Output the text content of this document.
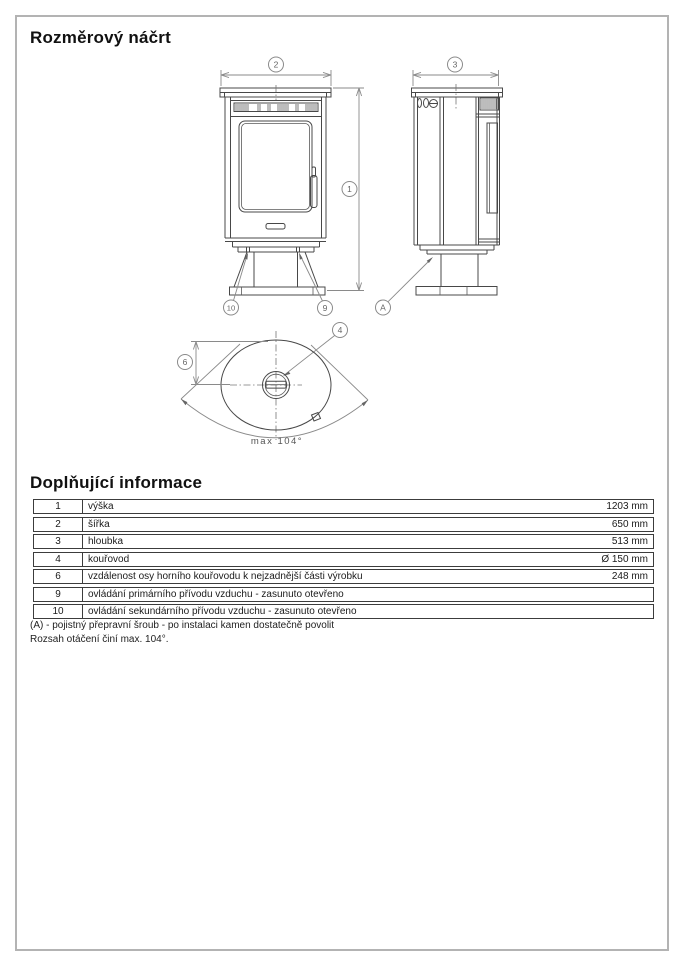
Rozměrový náčrt
2
1
10	9
3
A
4
6
max 104°
Doplňující informace
1	výška	1203 mm
2	šířka	650 mm
3	hloubka	513 mm
4	kouřovod	Ø 150 mm
6	vzdálenost osy horního kouřovodu k nejzadnější části výrobku	248 mm
9	ovládání primárního přívodu vzduchu - zasunuto otevřeno
10	ovládání sekundárního přívodu vzduchu - zasunuto otevřeno
(A) - pojistný přepravní šroub - po instalaci kamen dostatečně povolit
Rozsah otáčení činí max. 104°.
